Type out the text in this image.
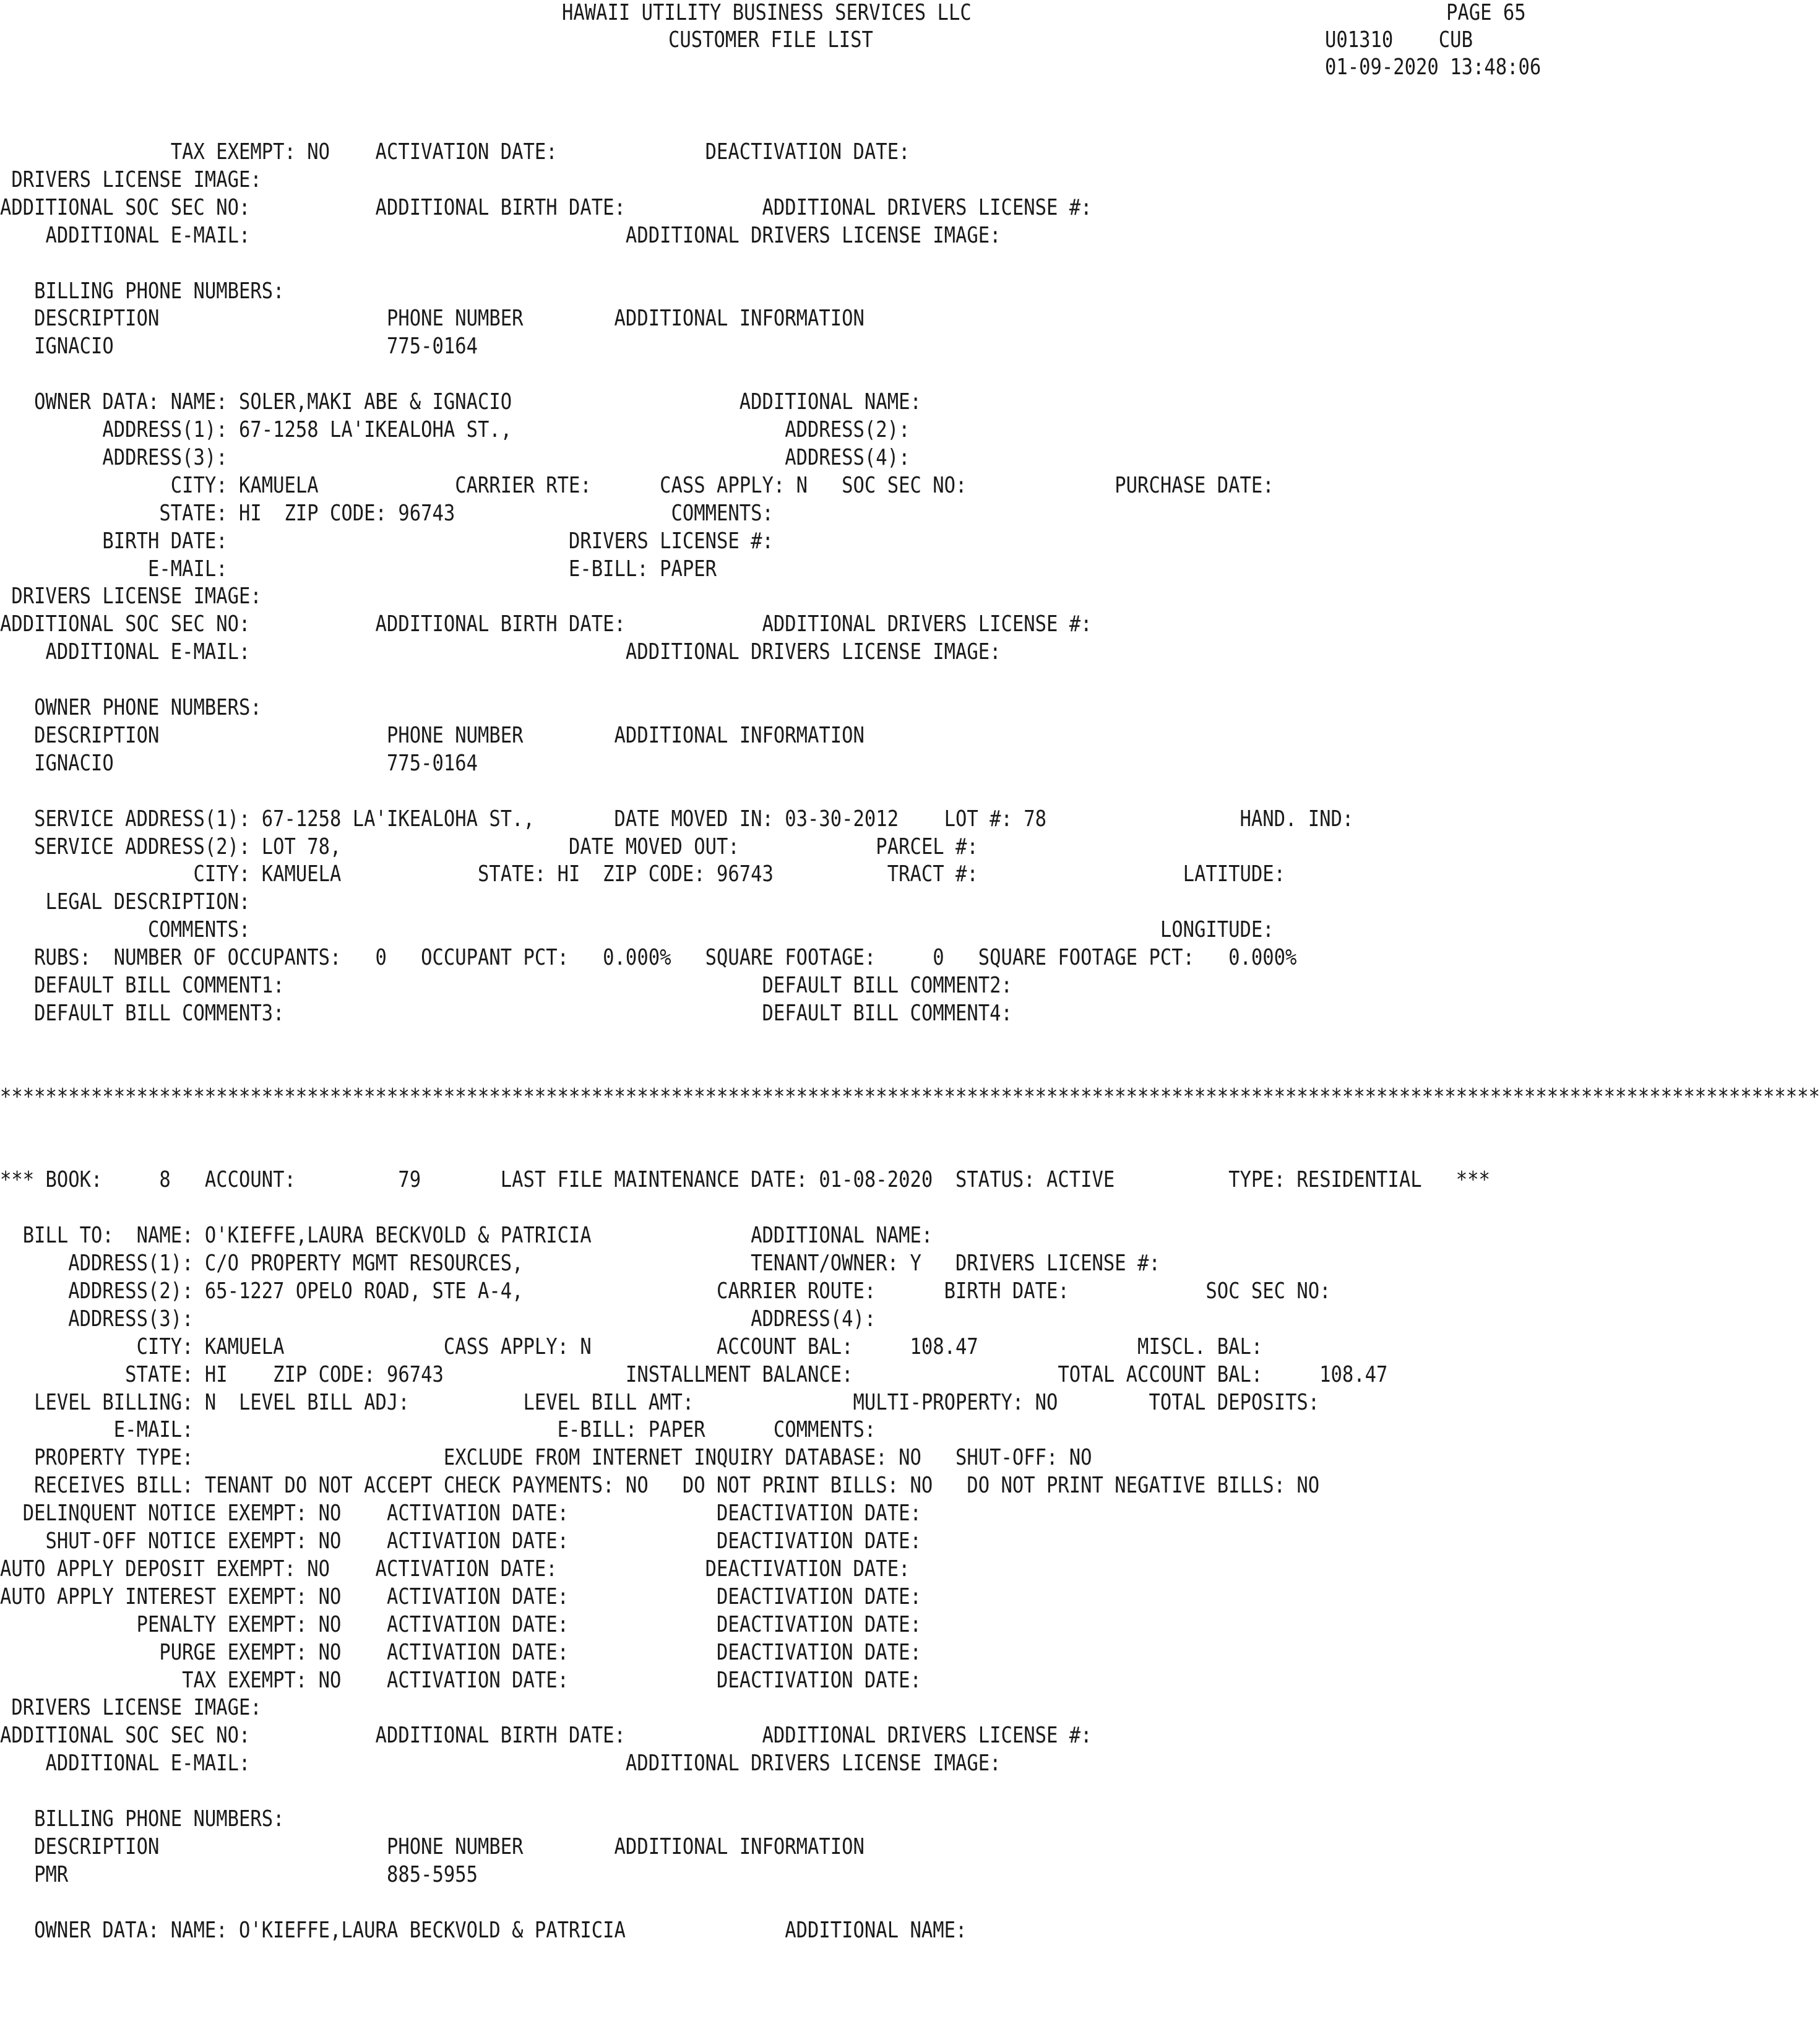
HAWAII UTILITY BUSINESS SERVICES LLC
CUSTOMER FILE LIST
PAGE 65
U01310    CUB
01-09-2020 13:48:06
TAX EXEMPT: NO    ACTIVATION DATE:             DEACTIVATION DATE:
DRIVERS LICENSE IMAGE:
ADDITIONAL SOC SEC NO:           ADDITIONAL BIRTH DATE:            ADDITIONAL DRIVERS LICENSE #:
ADDITIONAL E-MAIL:                                 ADDITIONAL DRIVERS LICENSE IMAGE:
BILLING PHONE NUMBERS:
DESCRIPTION                    PHONE NUMBER        ADDITIONAL INFORMATION
IGNACIO                        775-0164
OWNER DATA: NAME: SOLER,MAKI ABE & IGNACIO                    ADDITIONAL NAME:
ADDRESS(1): 67-1258 LA'IKEALOHA ST.,                        ADDRESS(2):
ADDRESS(3):                                                 ADDRESS(4):
CITY: KAMUELA            CARRIER RTE:      CASS APPLY: N   SOC SEC NO:             PURCHASE DATE:
STATE: HI  ZIP CODE: 96743                   COMMENTS:
BIRTH DATE:                              DRIVERS LICENSE #:
E-MAIL:                              E-BILL: PAPER
DRIVERS LICENSE IMAGE:
ADDITIONAL SOC SEC NO:           ADDITIONAL BIRTH DATE:            ADDITIONAL DRIVERS LICENSE #:
ADDITIONAL E-MAIL:                                 ADDITIONAL DRIVERS LICENSE IMAGE:
OWNER PHONE NUMBERS:
DESCRIPTION                    PHONE NUMBER        ADDITIONAL INFORMATION
IGNACIO                        775-0164
SERVICE ADDRESS(1): 67-1258 LA'IKEALOHA ST.,       DATE MOVED IN: 03-30-2012    LOT #: 78                 HAND. IND:
SERVICE ADDRESS(2): LOT 78,                    DATE MOVED OUT:            PARCEL #:
CITY: KAMUELA            STATE: HI  ZIP CODE: 96743          TRACT #:                  LATITUDE:
LEGAL DESCRIPTION:
COMMENTS:                                                                                LONGITUDE:
RUBS:  NUMBER OF OCCUPANTS:   0   OCCUPANT PCT:   0.000%   SQUARE FOOTAGE:     0   SQUARE FOOTAGE PCT:   0.000%
DEFAULT BILL COMMENT1:                                          DEFAULT BILL COMMENT2:
DEFAULT BILL COMMENT3:                                          DEFAULT BILL COMMENT4:
****************************************************************************************************************************************************************
*** BOOK:     8   ACCOUNT:         79       LAST FILE MAINTENANCE DATE: 01-08-2020  STATUS: ACTIVE          TYPE: RESIDENTIAL   ***
BILL TO:  NAME: O'KIEFFE,LAURA BECKVOLD & PATRICIA              ADDITIONAL NAME:
ADDRESS(1): C/O PROPERTY MGMT RESOURCES,                    TENANT/OWNER: Y   DRIVERS LICENSE #:
ADDRESS(2): 65-1227 OPELO ROAD, STE A-4,                 CARRIER ROUTE:      BIRTH DATE:            SOC SEC NO:
ADDRESS(3):                                                 ADDRESS(4):
CITY: KAMUELA              CASS APPLY: N           ACCOUNT BAL:     108.47              MISCL. BAL:
STATE: HI    ZIP CODE: 96743                INSTALLMENT BALANCE:                  TOTAL ACCOUNT BAL:     108.47
LEVEL BILLING: N  LEVEL BILL ADJ:          LEVEL BILL AMT:              MULTI-PROPERTY: NO        TOTAL DEPOSITS:
E-MAIL:                                E-BILL: PAPER      COMMENTS:
PROPERTY TYPE:                      EXCLUDE FROM INTERNET INQUIRY DATABASE: NO   SHUT-OFF: NO
RECEIVES BILL: TENANT DO NOT ACCEPT CHECK PAYMENTS: NO   DO NOT PRINT BILLS: NO   DO NOT PRINT NEGATIVE BILLS: NO
DELINQUENT NOTICE EXEMPT: NO    ACTIVATION DATE:             DEACTIVATION DATE:
SHUT-OFF NOTICE EXEMPT: NO    ACTIVATION DATE:             DEACTIVATION DATE:
AUTO APPLY DEPOSIT EXEMPT: NO    ACTIVATION DATE:             DEACTIVATION DATE:
AUTO APPLY INTEREST EXEMPT: NO    ACTIVATION DATE:             DEACTIVATION DATE:
PENALTY EXEMPT: NO    ACTIVATION DATE:             DEACTIVATION DATE:
PURGE EXEMPT: NO    ACTIVATION DATE:             DEACTIVATION DATE:
TAX EXEMPT: NO    ACTIVATION DATE:             DEACTIVATION DATE:
DRIVERS LICENSE IMAGE:
ADDITIONAL SOC SEC NO:           ADDITIONAL BIRTH DATE:            ADDITIONAL DRIVERS LICENSE #:
ADDITIONAL E-MAIL:                                 ADDITIONAL DRIVERS LICENSE IMAGE:
BILLING PHONE NUMBERS:
DESCRIPTION                    PHONE NUMBER        ADDITIONAL INFORMATION
PMR                            885-5955
OWNER DATA: NAME: O'KIEFFE,LAURA BECKVOLD & PATRICIA              ADDITIONAL NAME:
